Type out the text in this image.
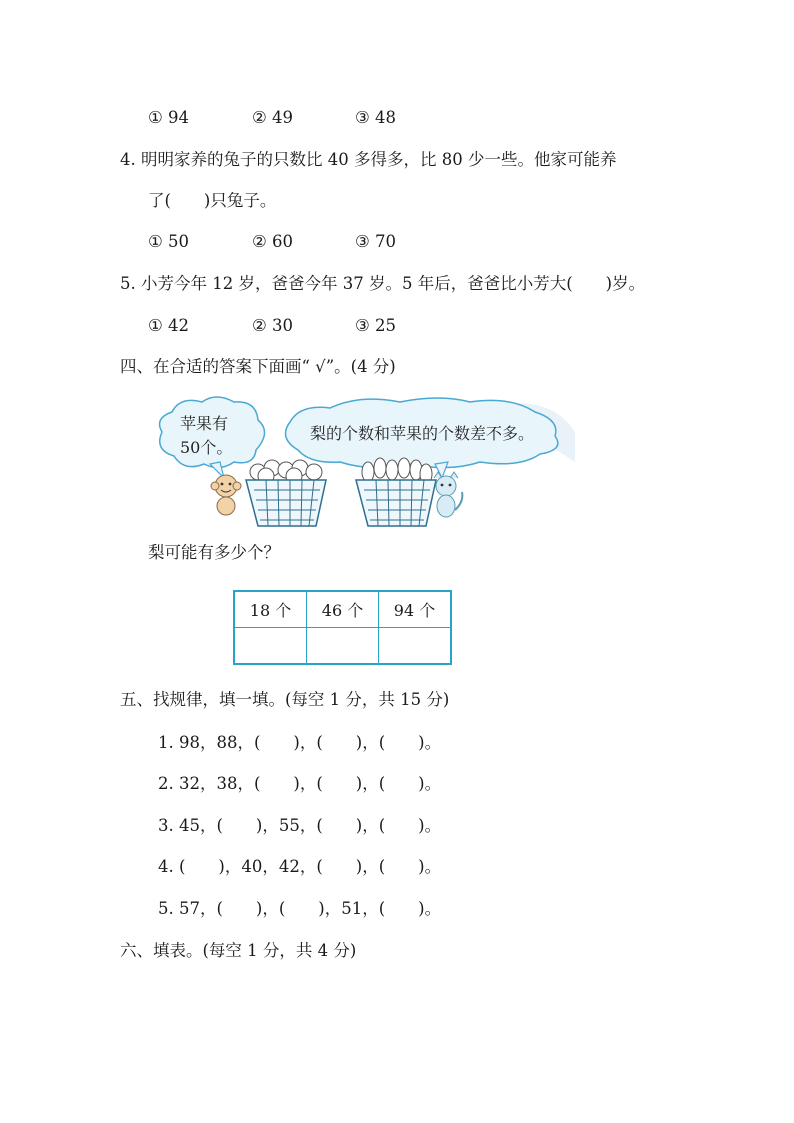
① 94	② 49	③ 48
4. 明明家养的兔子的只数比 40 多得多，比 80 少一些。他家可能养
了(　　)只兔子。
① 50	② 60	③ 70
5. 小芳今年 12 岁，爸爸今年 37 岁。5 年后，爸爸比小芳大(　　)岁。
① 42	② 30	③ 25
四、在合适的答案下面画“ √”。(4 分)
苹果有
50个。
梨的个数和苹果的个数差不多。
梨可能有多少个？
18 个	46 个	94 个

五、找规律，填一填。(每空 1 分，共 15 分)
1. 98，88，(　　)，(　　)，(　　)。
2. 32，38，(　　)，(　　)，(　　)。
3. 45，(　　)，55，(　　)，(　　)。
4. (　　)，40，42，(　　)，(　　)。
5. 57，(　　)，(　　)，51，(　　)。
六、填表。(每空 1 分，共 4 分)
